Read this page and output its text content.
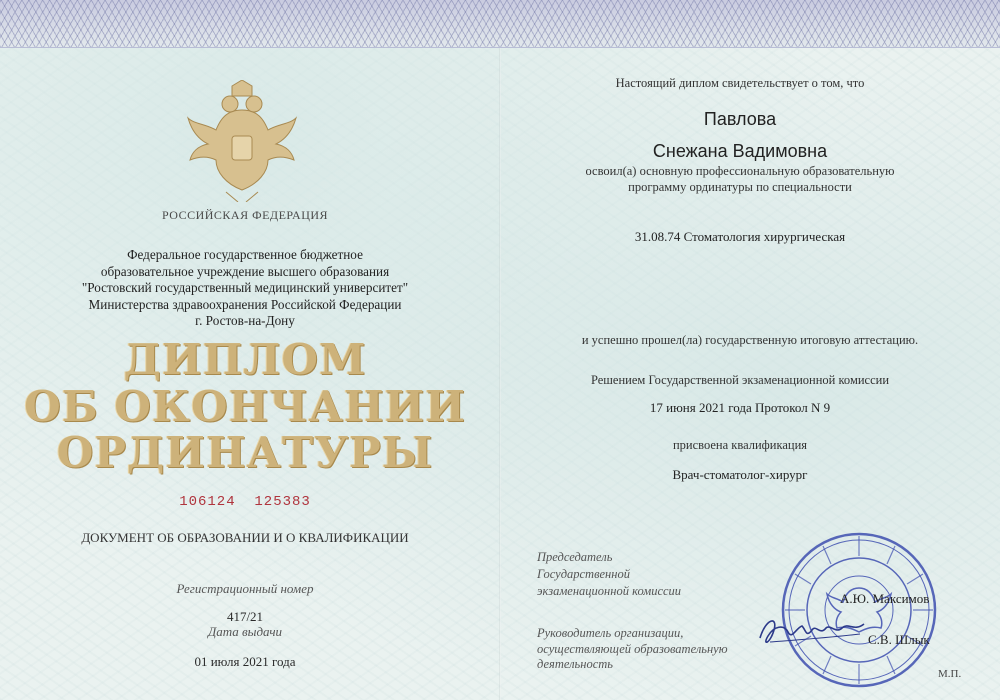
РОССИЙСКАЯ ФЕДЕРАЦИЯ
Федеральное государственное бюджетное
образовательное учреждение высшего образования
"Ростовский государственный медицинский университет"
Министерства здравоохранения Российской Федерации
г. Ростов-на-Дону
ДИПЛОМ
ОБ ОКОНЧАНИИ
ОРДИНАТУРЫ
106124  125383
ДОКУМЕНТ ОБ ОБРАЗОВАНИИ И О КВАЛИФИКАЦИИ
Регистрационный номер
417/21
Дата выдачи
01 июля 2021 года
Настоящий диплом свидетельствует о том, что
Павлова
Снежана Вадимовна
освоил(а) основную профессиональную образовательную
программу ординатуры по специальности
31.08.74 Стоматология хирургическая
и успешно прошел(ла) государственную итоговую аттестацию.
Решением Государственной экзаменационной комиссии
17 июня 2021 года Протокол N 9
присвоена квалификация
Врач-стоматолог-хирург
Председатель
Государственной
экзаменационной комиссии
Руководитель организации,
осуществляющей образовательную
деятельность
А.Ю. Максимов
С.В. Шлык
М.П.
